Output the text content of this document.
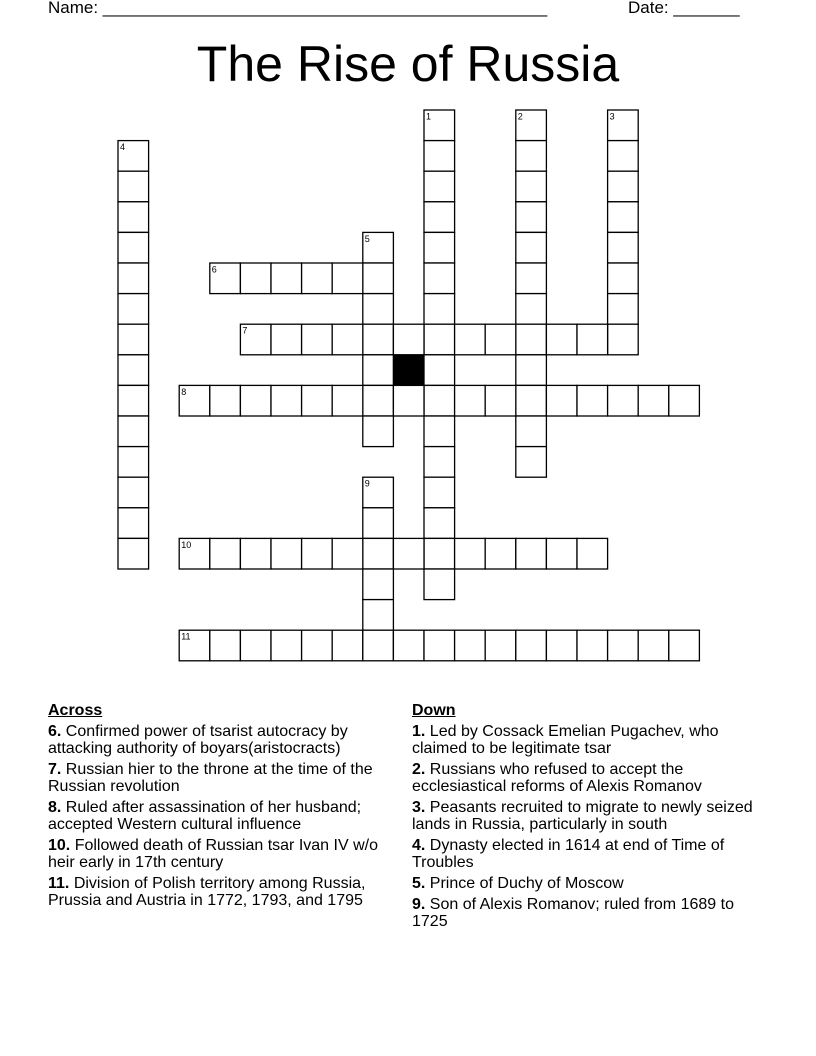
Name: _______________________________________________	Date: _______
The Rise of Russia
1	2	3
4
5
6
7
8
9
10
11
Across
6. Confirmed power of tsarist autocracy by attacking authority of boyars(aristocracts)
7. Russian hier to the throne at the time of the Russian revolution
8. Ruled after assassination of her husband; accepted Western cultural influence
10. Followed death of Russian tsar Ivan IV w/o heir early in 17th century
11. Division of Polish territory among Russia, Prussia and Austria in 1772, 1793, and 1795
Down
1. Led by Cossack Emelian Pugachev, who claimed to be legitimate tsar
2. Russians who refused to accept the ecclesiastical reforms of Alexis Romanov
3. Peasants recruited to migrate to newly seized lands in Russia, particularly in south
4. Dynasty elected in 1614 at end of Time of Troubles
5. Prince of Duchy of Moscow
9. Son of Alexis Romanov; ruled from 1689 to 1725
